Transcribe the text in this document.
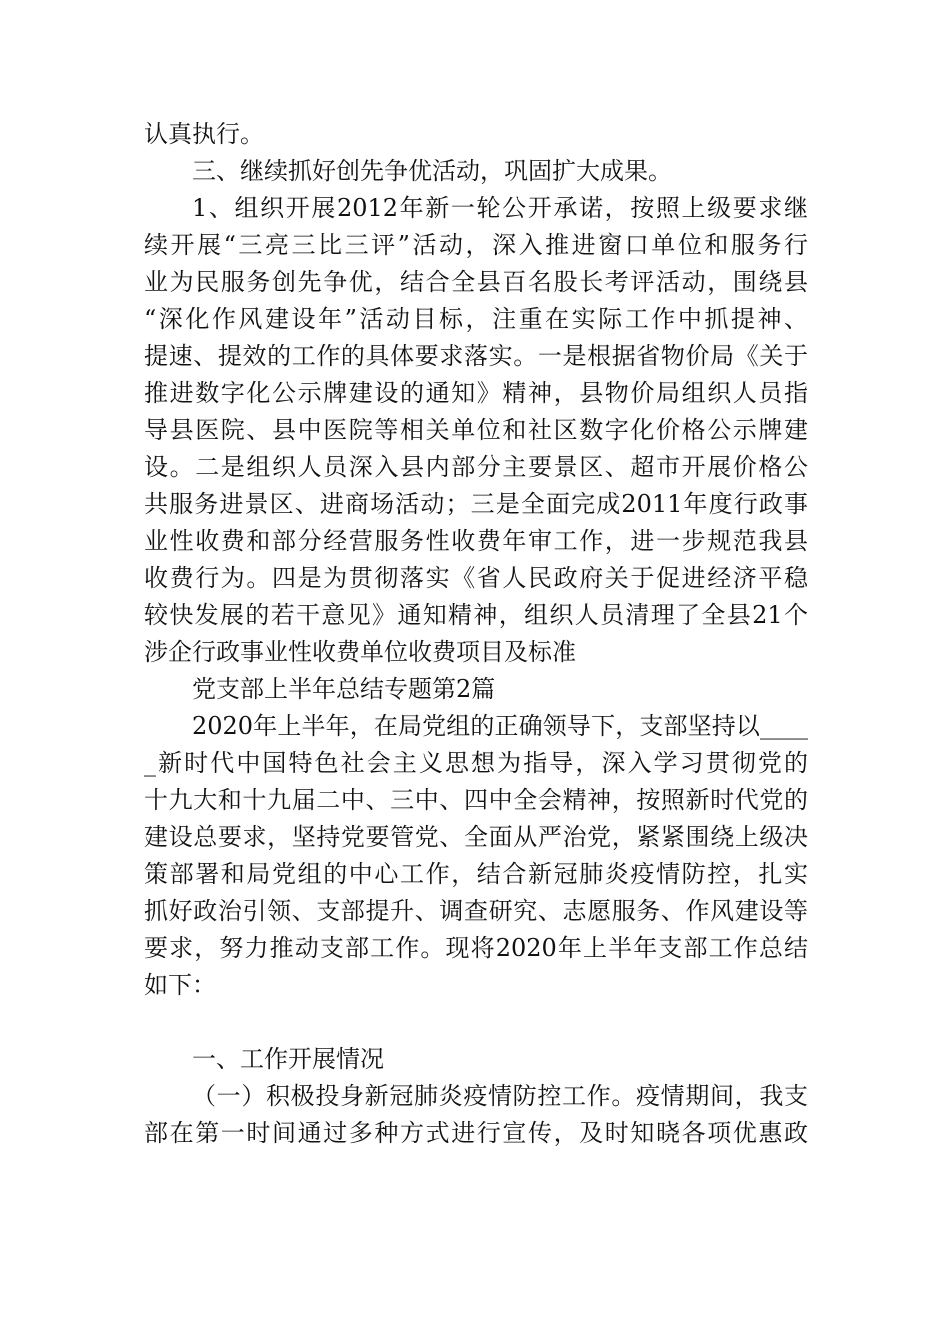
认真执行。
三、继续抓好创先争优活动，巩固扩大成果。
1、组织开展2012年新一轮公开承诺，按照上级要求继
续开展“三亮三比三评”活动，深入推进窗口单位和服务行
业为民服务创先争优，结合全县百名股长考评活动，围绕县
“深化作风建设年”活动目标，注重在实际工作中抓提神、
提速、提效的工作的具体要求落实。一是根据省物价局《关于
推进数字化公示牌建设的通知》精神，县物价局组织人员指
导县医院、县中医院等相关单位和社区数字化价格公示牌建
设。二是组织人员深入县内部分主要景区、超市开展价格公
共服务进景区、进商场活动；三是全面完成2011年度行政事
业性收费和部分经营服务性收费年审工作，进一步规范我县
收费行为。四是为贯彻落实《省人民政府关于促进经济平稳
较快发展的若干意见》通知精神，组织人员清理了全县21个
涉企行政事业性收费单位收费项目及标准
党支部上半年总结专题第2篇
2020年上半年，在局党组的正确领导下，支部坚持以____
_新时代中国特色社会主义思想为指导，深入学习贯彻党的
十九大和十九届二中、三中、四中全会精神，按照新时代党的
建设总要求，坚持党要管党、全面从严治党，紧紧围绕上级决
策部署和局党组的中心工作，结合新冠肺炎疫情防控，扎实
抓好政治引领、支部提升、调查研究、志愿服务、作风建设等
要求，努力推动支部工作。现将2020年上半年支部工作总结
如下：
一、工作开展情况
（一）积极投身新冠肺炎疫情防控工作。疫情期间，我支
部在第一时间通过多种方式进行宣传，及时知晓各项优惠政
